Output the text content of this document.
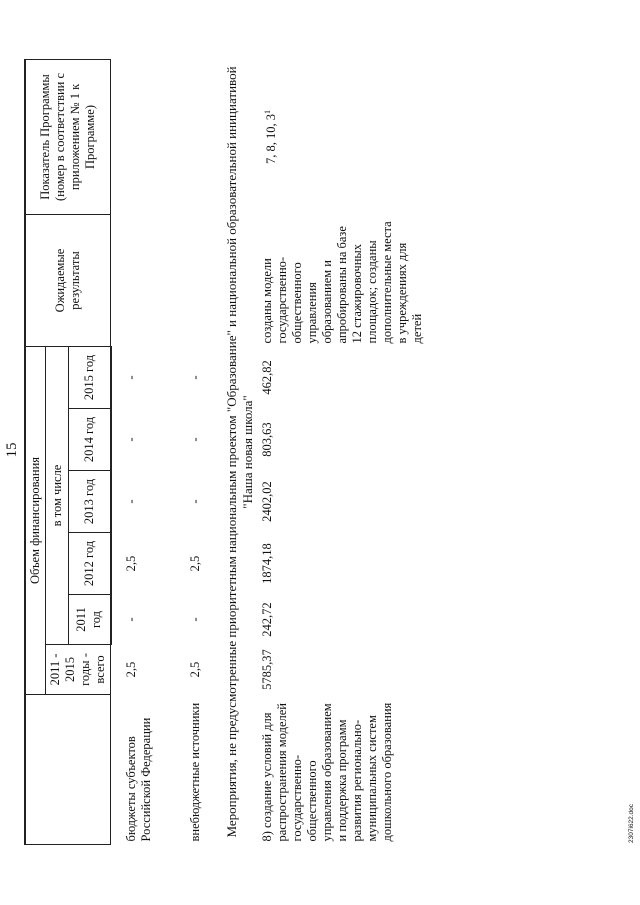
15
	Объем финансирования						Ожидаемые результаты	Показатель Программы (номер в соответствии с приложением № 1 к Программе)
	2011 - 2015 годы - всего	в том числе						
		2011 год	2012 год	2013 год	2014 год	2015 год		

бюджеты субъектов Российской Федерации	2,5	-	2,5	-	-	-		
внебюджетные источники	2,5	-	2,5	-	-	-		
Мероприятия, не предусмотренные приоритетным национальным проектом "Образование" и национальной образовательной инициативой "Наша новая школа"								
8) создание условий для распространения моделей государственно-общественного управления образованием и поддержка программ развития регионально-муниципальных систем дошкольного образования	5785,37	242,72	1874,18	2402,02	803,63	462,82	созданы модели государственно-общественного управления образованием и апробированы на базе 12 стажировочных площадок; созданы дополнительные места в учреждениях для детей	7, 8, 10, $3^1$
2307i622.doc
